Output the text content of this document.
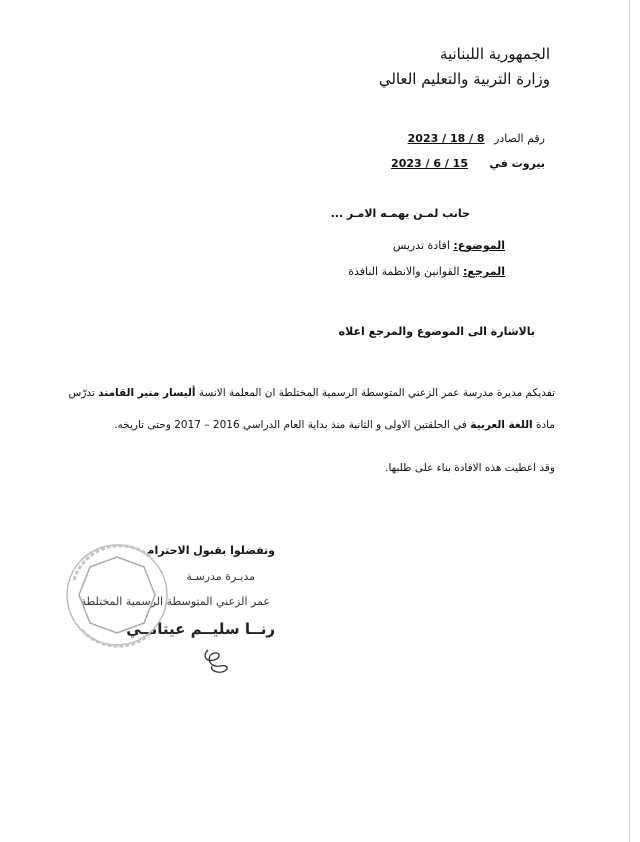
الجمهورية اللبنانية
وزارة التربية والتعليم العالي
رقم الصادر 2023 / 18 / 8
بيروت في 2023 / 6 / 15
جانب لمـن يهمـه الامـر ...
الموضوع: افادة تدريس
المرجع: القوانين والانظمة النافذة
بالاشارة الى الموضوع والمرجع اعلاه
تفديكم مديرة مدرسة عمر الزعني المتوسطة الرسمية المختلطة ان المعلمة الانسة أليسار منير القامند تدرّس
مادة اللغة العربية في الحلقتين الاولى و الثانية منذ بداية العام الدراسي 2016 – 2017 وحتى تاريخه.
وقد اعطيت هذه الافادة بناء على طلبها.
وتفضلوا بقبول الاحترام
مديـرة مدرسـة
عمر الزعني المتوسطة الرسمية المختلطة
رنــا سليــم عيتانــي
